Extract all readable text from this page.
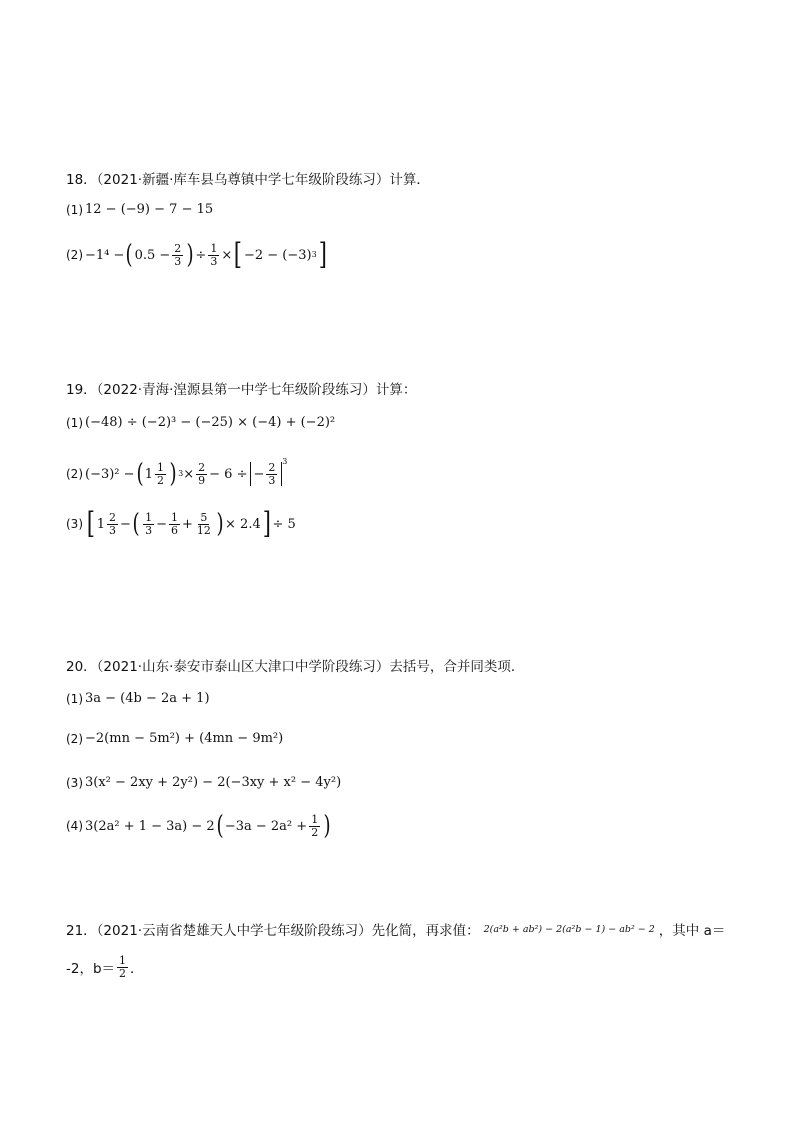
18．（2021·新疆·库车县乌尊镇中学七年级阶段练习）计算．
(1) 12 − (−9) − 7 − 15
(2) −1⁴ − ( $0.5 - \frac{2}{3}$ ) ÷ $\frac{1}{3}$ × [ −2 − (−3) 3 ]
19．（2022·青海·湟源县第一中学七年级阶段练习）计算：
(1) (−48) ÷ (−2)³ − (−25) × (−4) + (−2)²
(2) (−3)² − ( 1 1
2 ) $3 \times \frac{2}{9} - 6$ ÷ − $\frac{2}{3}$
$^3$
(3) [ 1 2
3 − ( 1
$3 - \frac{1}{6} + \frac{5}{12}$ ) × 2.4 ] ÷ 5
20．（2021·山东·泰安市泰山区大津口中学阶段练习）去括号，合并同类项．
(1) 3a − (4b − 2a + 1)
(2) −2(mn − 5m²) + (4mn − 9m²)
(3) 3(x² − 2xy + 2y²) − 2(−3xy + x² − 4y²)
(4) 3(2a² + 1 − 3a) − 2 ( $-3a - 2a^2 + \frac{1}{2}$ )
21．（2021·云南省楚雄天人中学七年级阶段练习）先化简，再求值： 2(a²b + ab²) − 2(a²b − 1) − ab² − 2 ，其中 a＝
-2，b＝
1
2 ．
